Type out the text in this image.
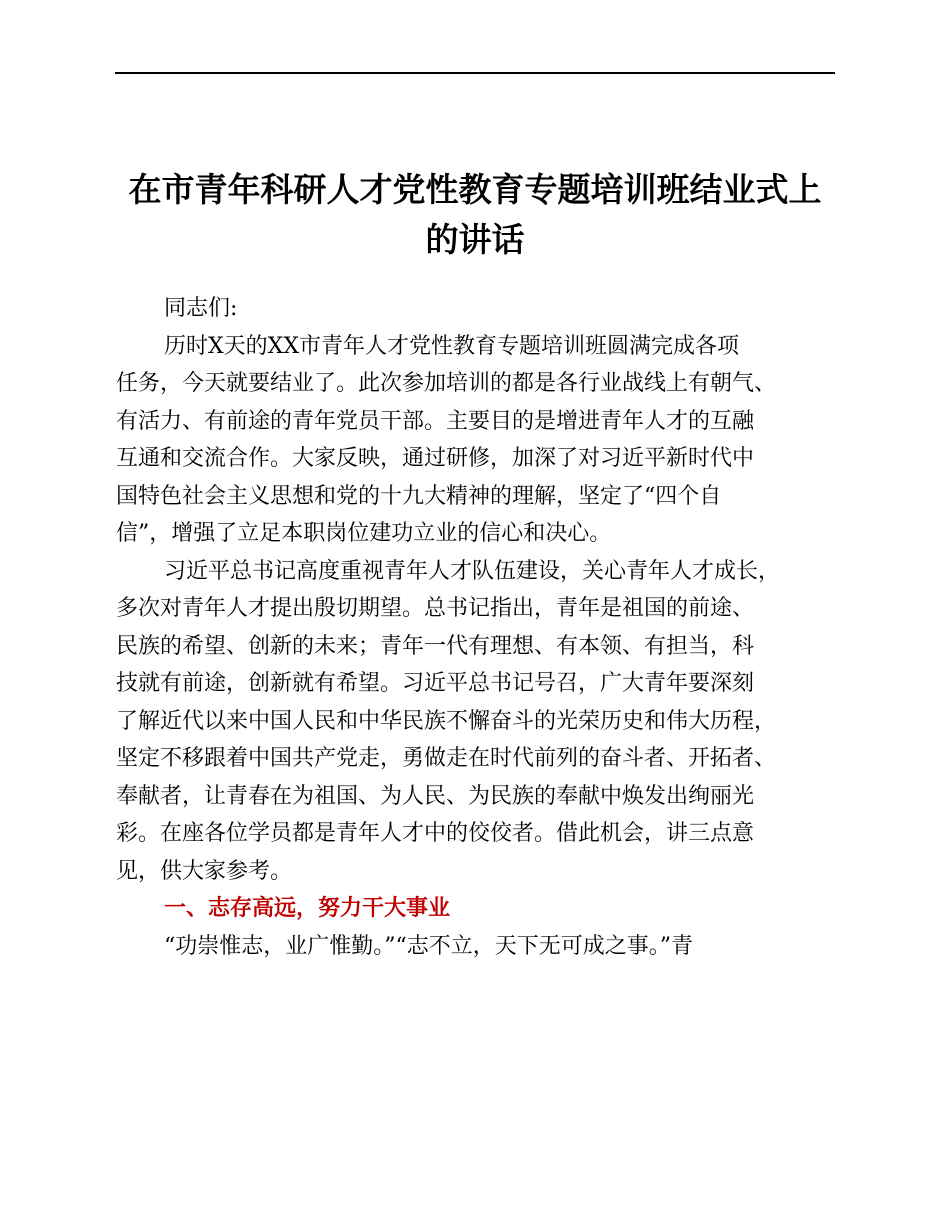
在市青年科研人才党性教育专题培训班结业式上
的讲话
同志们:
历时X天的XX市青年人才党性教育专题培训班圆满完成各项
任务，今天就要结业了。此次参加培训的都是各行业战线上有朝气、
有活力、有前途的青年党员干部。主要目的是增进青年人才的互融
互通和交流合作。大家反映，通过研修，加深了对习近平新时代中
国特色社会主义思想和党的十九大精神的理解，坚定了“四个自
信”，增强了立足本职岗位建功立业的信心和决心。
习近平总书记高度重视青年人才队伍建设，关心青年人才成长，
多次对青年人才提出殷切期望。总书记指出，青年是祖国的前途、
民族的希望、创新的未来；青年一代有理想、有本领、有担当，科
技就有前途，创新就有希望。习近平总书记号召，广大青年要深刻
了解近代以来中国人民和中华民族不懈奋斗的光荣历史和伟大历程，
坚定不移跟着中国共产党走，勇做走在时代前列的奋斗者、开拓者、
奉献者，让青春在为祖国、为人民、为民族的奉献中焕发出绚丽光
彩。在座各位学员都是青年人才中的佼佼者。借此机会，讲三点意
见，供大家参考。
一、志存高远，努力干大事业
“功崇惟志，业广惟勤。”“志不立，天下无可成之事。”青
